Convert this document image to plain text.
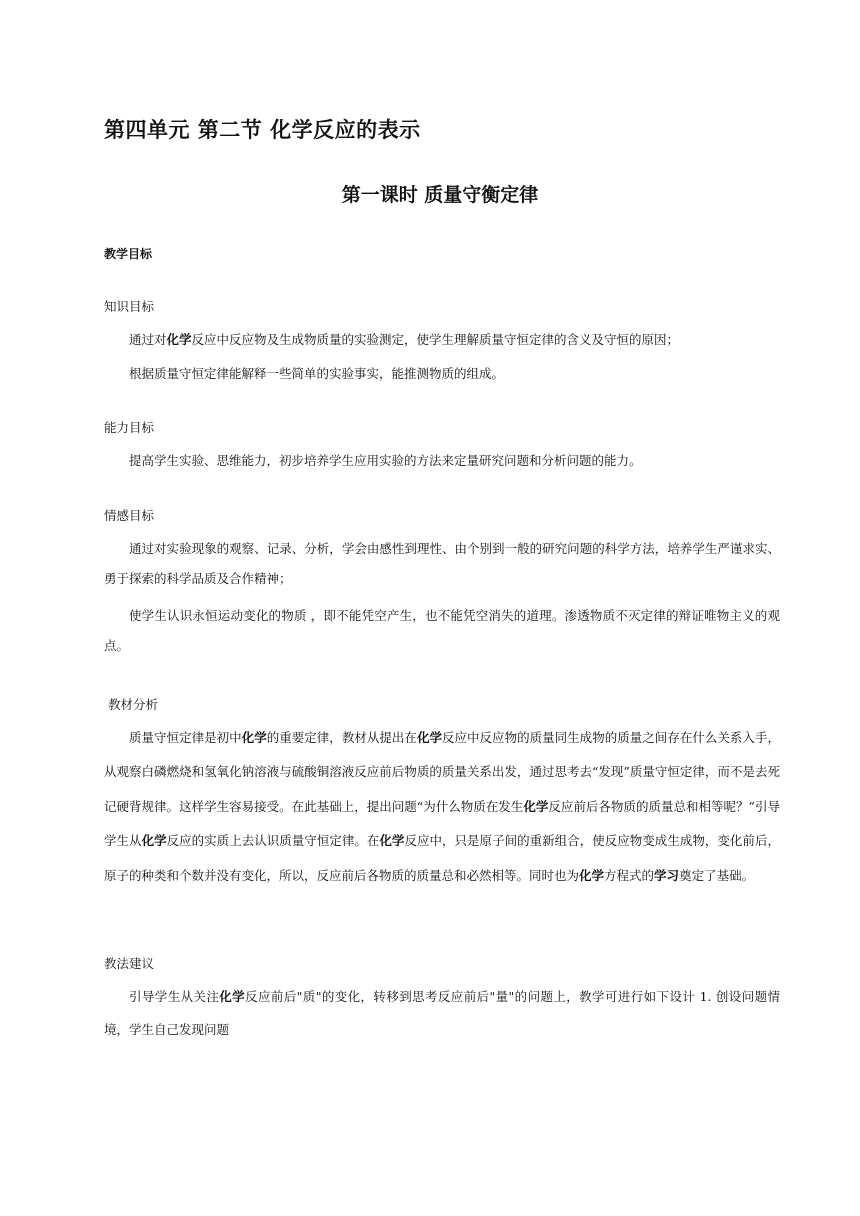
第四单元 第二节 化学反应的表示
第一课时 质量守衡定律

教学目标

知识目标

通过对化学反应中反应物及生成物质量的实验测定，使学生理解质量守恒定律的含义及守恒的原因；

根据质量守恒定律能解释一些简单的实验事实，能推测物质的组成。

能力目标

提高学生实验、思维能力，初步培养学生应用实验的方法来定量研究问题和分析问题的能力。

情感目标

通过对实验现象的观察、记录、分析，学会由感性到理性、由个别到一般的研究问题的科学方法，培养学生严谨求实、勇于探索的科学品质及合作精神；

使学生认识永恒运动变化的物质 ，即不能凭空产生，也不能凭空消失的道理。渗透物质不灭定律的辩证唯物主义的观点。

教材分析

质量守恒定律是初中化学的重要定律，教材从提出在化学反应中反应物的质量同生成物的质量之间存在什么关系入手，从观察白磷燃烧和氢氧化钠溶液与硫酸铜溶液反应前后物质的质量关系出发，通过思考去“发现”质量守恒定律，而不是去死记硬背规律。这样学生容易接受。在此基础上，提出问题“为什么物质在发生化学反应前后各物质的质量总和相等呢？”引导学生从化学反应的实质上去认识质量守恒定律。在化学反应中，只是原子间的重新组合，使反应物变成生成物，变化前后，原子的种类和个数并没有变化，所以，反应前后各物质的质量总和必然相等。同时也为化学方程式的学习奠定了基础。

教法建议

引导学生从关注化学反应前后"质"的变化，转移到思考反应前后"量"的问题上，教学可进行如下设计 1. 创设问题情境，学生自己发现问题
